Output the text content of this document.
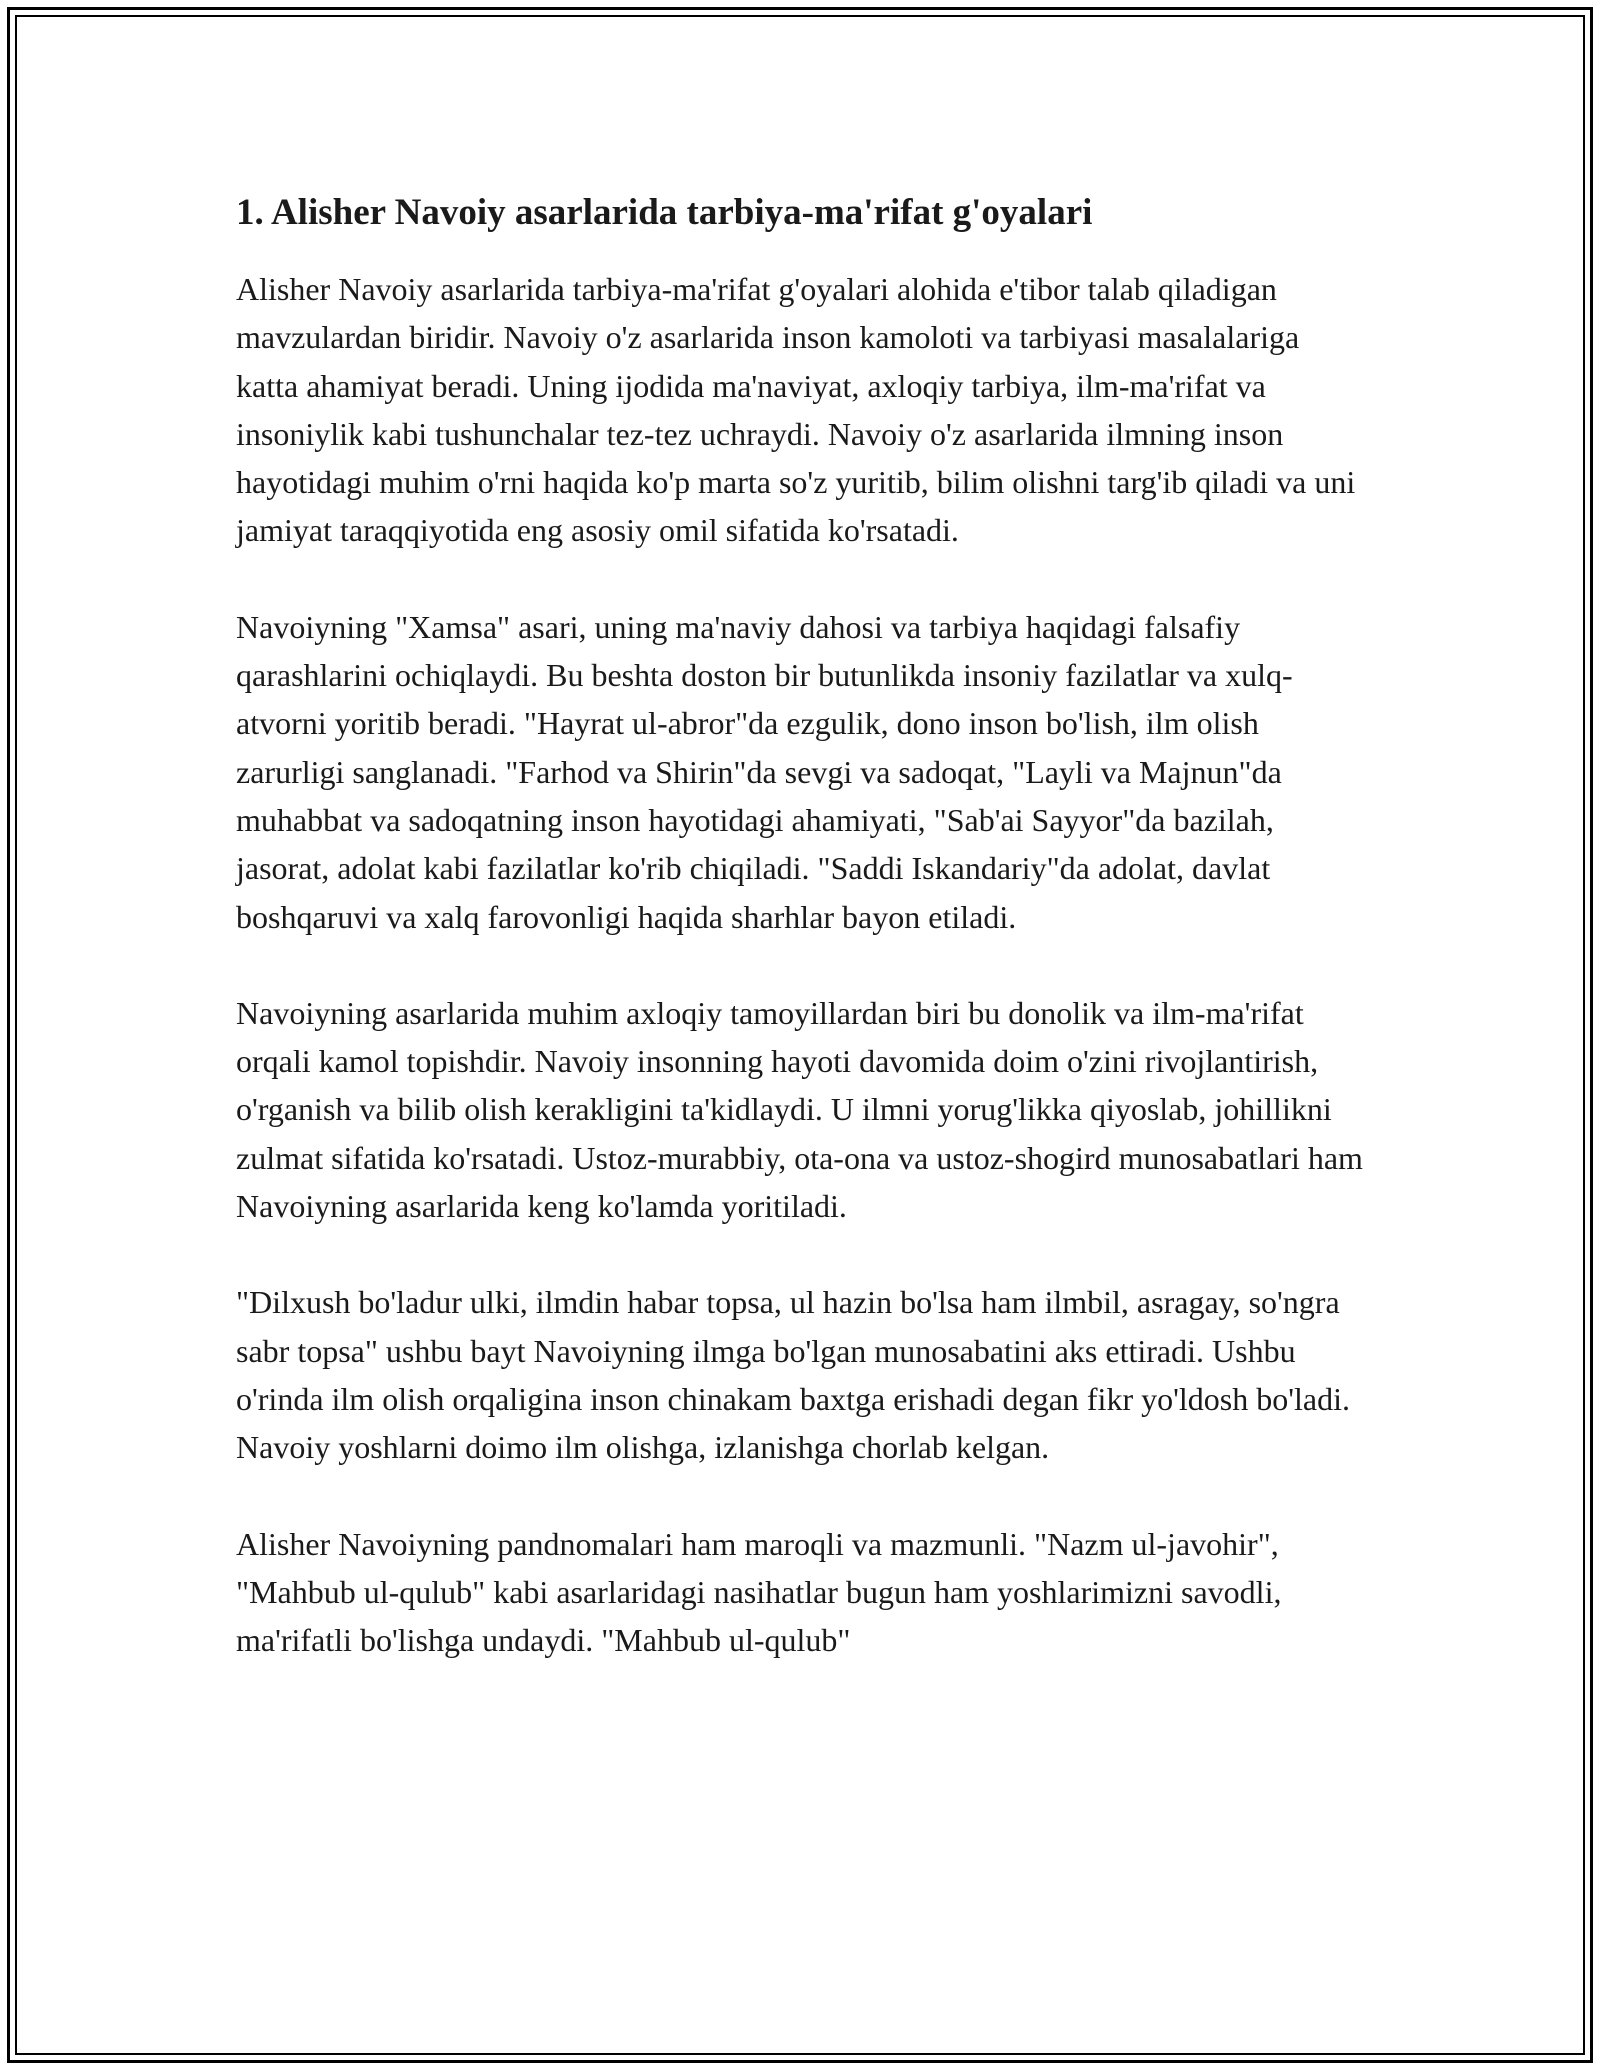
1. Alisher Navoiy asarlarida tarbiya-ma'rifat g'oyalari

Alisher Navoiy asarlarida tarbiya-ma'rifat g'oyalari alohida e'tibor talab qiladigan mavzulardan biridir. Navoiy o'z asarlarida inson kamoloti va tarbiyasi masalalariga katta ahamiyat beradi. Uning ijodida ma'naviyat, axloqiy tarbiya, ilm-ma'rifat va insoniylik kabi tushunchalar tez-tez uchraydi. Navoiy o'z asarlarida ilmning inson hayotidagi muhim o'rni haqida ko'p marta so'z yuritib, bilim olishni targ'ib qiladi va uni jamiyat taraqqiyotida eng asosiy omil sifatida ko'rsatadi.

Navoiyning "Xamsa" asari, uning ma'naviy dahosi va tarbiya haqidagi falsafiy qarashlarini ochiqlaydi. Bu beshta doston bir butunlikda insoniy fazilatlar va xulq-atvorni yoritib beradi. "Hayrat ul-abror"da ezgulik, dono inson bo'lish, ilm olish zarurligi sanglanadi. "Farhod va Shirin"da sevgi va sadoqat, "Layli va Majnun"da muhabbat va sadoqatning inson hayotidagi ahamiyati, "Sab'ai Sayyor"da bazilah, jasorat, adolat kabi fazilatlar ko'rib chiqiladi. "Saddi Iskandariy"da adolat, davlat boshqaruvi va xalq farovonligi haqida sharhlar bayon etiladi.

Navoiyning asarlarida muhim axloqiy tamoyillardan biri bu donolik va ilm-ma'rifat orqali kamol topishdir. Navoiy insonning hayoti davomida doim o'zini rivojlantirish, o'rganish va bilib olish kerakligini ta'kidlaydi. U ilmni yorug'likka qiyoslab, johillikni zulmat sifatida ko'rsatadi. Ustoz-murabbiy, ota-ona va ustoz-shogird munosabatlari ham Navoiyning asarlarida keng ko'lamda yoritiladi.

"Dilxush bo'ladur ulki, ilmdin habar topsa, ul hazin bo'lsa ham ilmbil, asragay, so'ngra sabr topsa" ushbu bayt Navoiyning ilmga bo'lgan munosabatini aks ettiradi. Ushbu o'rinda ilm olish orqaligina inson chinakam baxtga erishadi degan fikr yo'ldosh bo'ladi. Navoiy yoshlarni doimo ilm olishga, izlanishga chorlab kelgan.

Alisher Navoiyning pandnomalari ham maroqli va mazmunli. "Nazm ul-javohir", "Mahbub ul-qulub" kabi asarlaridagi nasihatlar bugun ham yoshlarimizni savodli, ma'rifatli bo'lishga undaydi. "Mahbub ul-qulub"
